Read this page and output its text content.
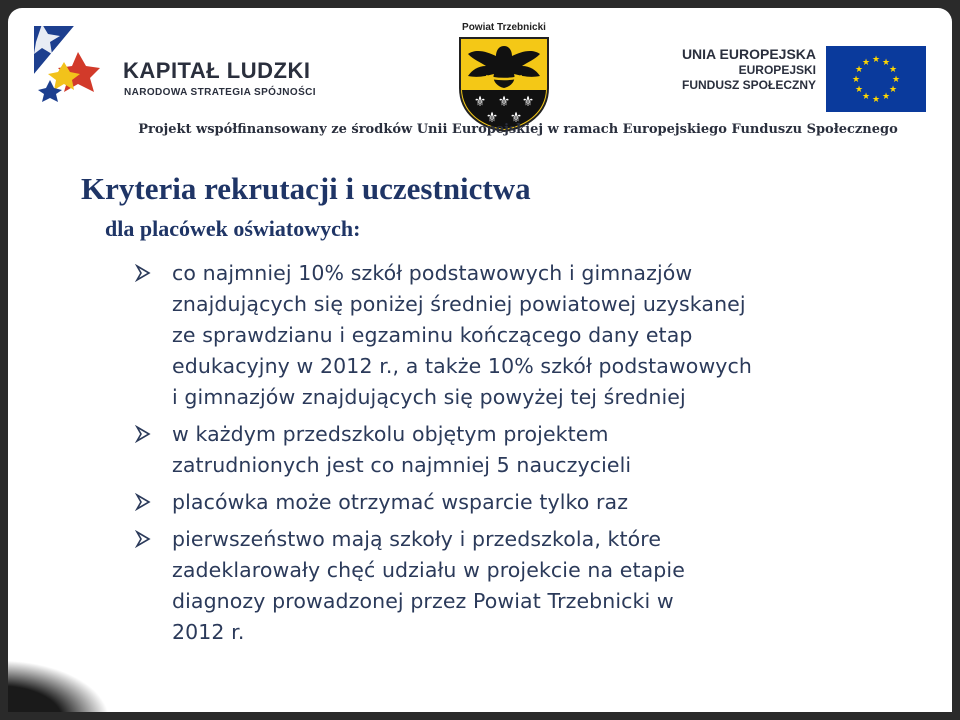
KAPITAŁ LUDZKI
NARODOWA STRATEGIA SPÓJNOŚCI
Powiat Trzebnicki
⚜ ⚜ ⚜
⚜ ⚜
UNIA EUROPEJSKA
EUROPEJSKI
FUNDUSZ SPOŁECZNY
★ ★
★
★
★
★
★
★
★
★
★
★
Projekt współfinansowany ze środków Unii Europejskiej w ramach Europejskiego Funduszu Społecznego
Kryteria rekrutacji i uczestnictwa
dla placówek oświatowych:
co najmniej 10% szkół podstawowych i gimnazjów
znajdujących się poniżej średniej powiatowej uzyskanej
ze sprawdzianu i egzaminu kończącego dany etap
edukacyjny w 2012 r., a także 10% szkół podstawowych
i gimnazjów znajdujących się powyżej tej średniej
w każdym przedszkolu objętym projektem
zatrudnionych jest co najmniej 5 nauczycieli
placówka może otrzymać wsparcie tylko raz
pierwszeństwo mają szkoły i przedszkola, które
zadeklarowały chęć udziału w projekcie na etapie
diagnozy prowadzonej przez Powiat Trzebnicki w
2012 r.
